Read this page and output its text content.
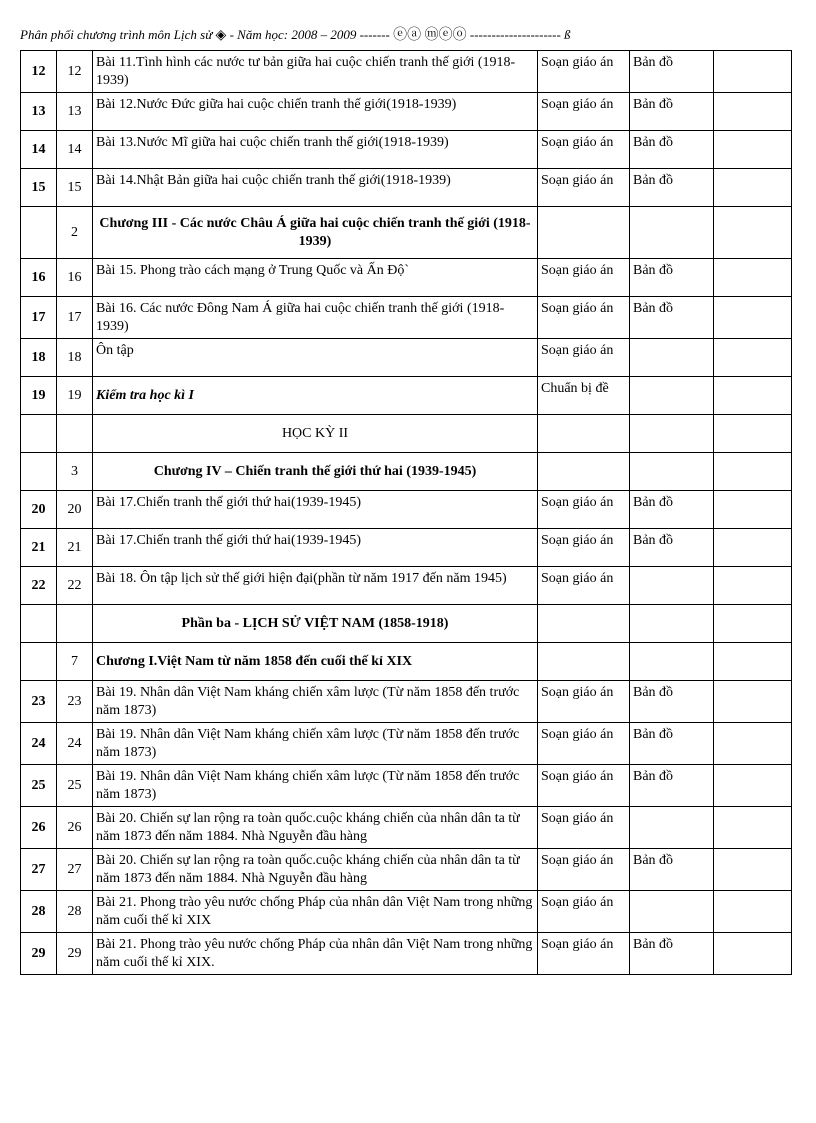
Phân phối chương trình môn Lịch sử ◈ - Năm học: 2008 – 2009 ------- ⓔⓐ ⓜⓔⓞ --------------------- ß
12	12	Bài 11.Tình hình các nước tư bản giữa hai cuộc chiến tranh thế giới (1918-1939)	Soạn giáo án	Bản đồ	
13	13	Bài 12.Nước Đức giữa hai cuộc chiến tranh thế giới(1918-1939)	Soạn giáo án	Bản đồ	
14	14	Bài 13.Nước Mĩ giữa hai cuộc chiến tranh thế giới(1918-1939)	Soạn giáo án	Bản đồ	
15	15	Bài 14.Nhật Bản giữa hai cuộc chiến tranh thế giới(1918-1939)	Soạn giáo án	Bản đồ	
	2	Chương III - Các nước Châu Á giữa hai cuộc chiến tranh thế giới (1918-1939)			
16	16	Bài 15. Phong trào cách mạng ở Trung Quốc và Ấn Độ`	Soạn giáo án	Bản đồ	
17	17	Bài 16. Các nước Đông Nam Á giữa hai cuộc chiến tranh thế giới (1918-1939)	Soạn giáo án	Bản đồ	
18	18	Ôn tập	Soạn giáo án		
19	19	Kiểm tra học kì I	Chuẩn bị đề		
		HỌC KỲ II			
	3	Chương IV – Chiến tranh thế giới thứ hai (1939-1945)			
20	20	Bài 17.Chiến tranh thế giới thứ hai(1939-1945)	Soạn giáo án	Bản đồ	
21	21	Bài 17.Chiến tranh thế giới thứ hai(1939-1945)	Soạn giáo án	Bản đồ	
22	22	Bài 18. Ôn tập lịch sử thế giới hiện đại(phần từ năm 1917 đến năm 1945)	Soạn giáo án		
		Phần ba - LỊCH SỬ VIỆT NAM (1858-1918)			
	7	Chương I.Việt Nam từ năm 1858 đến cuối thế kỉ XIX			
23	23	Bài 19. Nhân dân Việt Nam kháng chiến xâm lược (Từ năm 1858 đến trước năm 1873)	Soạn giáo án	Bản đồ	
24	24	Bài 19. Nhân dân Việt Nam kháng chiến xâm lược (Từ năm 1858 đến trước năm 1873)	Soạn giáo án	Bản đồ	
25	25	Bài 19. Nhân dân Việt Nam kháng chiến xâm lược (Từ năm 1858 đến trước năm 1873)	Soạn giáo án	Bản đồ	
26	26	Bài 20. Chiến sự lan rộng ra toàn quốc.cuộc kháng chiến của nhân dân ta từ năm 1873 đến năm 1884. Nhà Nguyễn đầu hàng	Soạn giáo án		
27	27	Bài 20. Chiến sự lan rộng ra toàn quốc.cuộc kháng chiến của nhân dân ta từ năm 1873 đến năm 1884. Nhà Nguyễn đầu hàng	Soạn giáo án	Bản đồ	
28	28	Bài 21. Phong trào yêu nước chống Pháp của nhân dân Việt Nam trong những năm cuối thế kỉ XIX	Soạn giáo án		
29	29	Bài 21. Phong trào yêu nước chống Pháp của nhân dân Việt Nam trong những năm cuối thế kỉ XIX.	Soạn giáo án	Bản đồ	
